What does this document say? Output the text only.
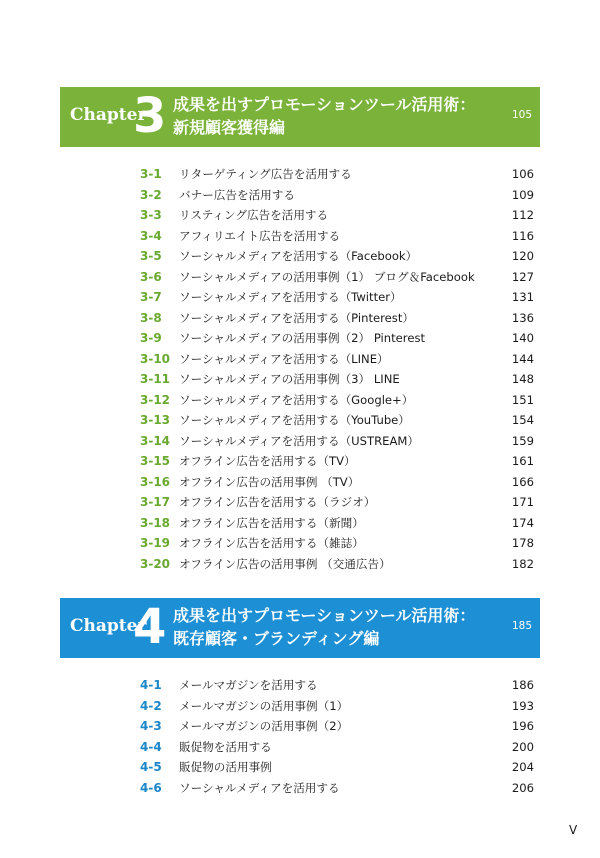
Chapter
3 成果を出すプロモーションツール活用術：
新規顧客獲得編
105
3-1 リターゲティング広告を活用する	106
3-2 バナー広告を活用する	109
3-3 リスティング広告を活用する	112
3-4 アフィリエイト広告を活用する	116
3-5 ソーシャルメディアを活用する（Facebook）	120
3-6 ソーシャルメディアの活用事例（1） ブログ＆Facebook	127
3-7 ソーシャルメディアを活用する（Twitter）	131
3-8 ソーシャルメディアを活用する（Pinterest）	136
3-9 ソーシャルメディアの活用事例（2） Pinterest	140
3-10 ソーシャルメディアを活用する（LINE）	144
3-11 ソーシャルメディアの活用事例（3） LINE	148
3-12 ソーシャルメディアを活用する（Google+）	151
3-13 ソーシャルメディアを活用する（YouTube）	154
3-14 ソーシャルメディアを活用する（USTREAM）	159
3-15 オフライン広告を活用する（TV）	161
3-16 オフライン広告の活用事例 （TV）	166
3-17 オフライン広告を活用する（ラジオ）	171
3-18 オフライン広告を活用する（新聞）	174
3-19 オフライン広告を活用する（雑誌）	178
3-20 オフライン広告の活用事例 （交通広告）	182
Chapter
4 成果を出すプロモーションツール活用術：
既存顧客・ブランディング編
185
4-1 メールマガジンを活用する	186
4-2 メールマガジンの活用事例（1）	193
4-3 メールマガジンの活用事例（2）	196
4-4 販促物を活用する	200
4-5 販促物の活用事例	204
4-6 ソーシャルメディアを活用する	206
V
